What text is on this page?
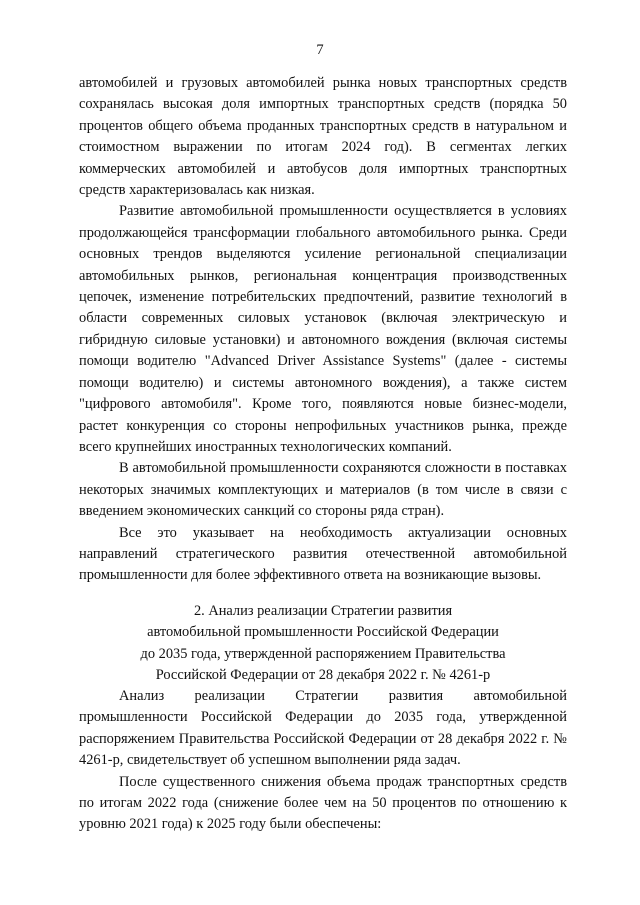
7

автомобилей и грузовых автомобилей рынка новых транспортных средств сохранялась высокая доля импортных транспортных средств (порядка 50 процентов общего объема проданных транспортных средств в натуральном и стоимостном выражении по итогам 2024 год). В сегментах легких коммерческих автомобилей и автобусов доля импортных транспортных средств характеризовалась как низкая.

Развитие автомобильной промышленности осуществляется в условиях продолжающейся трансформации глобального автомобильного рынка. Среди основных трендов выделяются усиление региональной специализации автомобильных рынков, региональная концентрация производственных цепочек, изменение потребительских предпочтений, развитие технологий в области современных силовых установок (включая электрическую и гибридную силовые установки) и автономного вождения (включая системы помощи водителю "Advanced Driver Assistance Systems" (далее - системы помощи водителю) и системы автономного вождения), а также систем "цифрового автомобиля". Кроме того, появляются новые бизнес-модели, растет конкуренция со стороны непрофильных участников рынка, прежде всего крупнейших иностранных технологических компаний.

В автомобильной промышленности сохраняются сложности в поставках некоторых значимых комплектующих и материалов (в том числе в связи с введением экономических санкций со стороны ряда стран).

Все это указывает на необходимость актуализации основных направлений стратегического развития отечественной автомобильной промышленности для более эффективного ответа на возникающие вызовы.

2. Анализ реализации Стратегии развития
автомобильной промышленности Российской Федерации
до 2035 года, утвержденной распоряжением Правительства
Российской Федерации от 28 декабря 2022 г. № 4261-р

Анализ реализации Стратегии развития автомобильной промышленности Российской Федерации до 2035 года, утвержденной распоряжением Правительства Российской Федерации от 28 декабря 2022 г. № 4261-р, свидетельствует об успешном выполнении ряда задач.

После существенного снижения объема продаж транспортных средств по итогам 2022 года (снижение более чем на 50 процентов по отношению к уровню 2021 года) к 2025 году были обеспечены:
